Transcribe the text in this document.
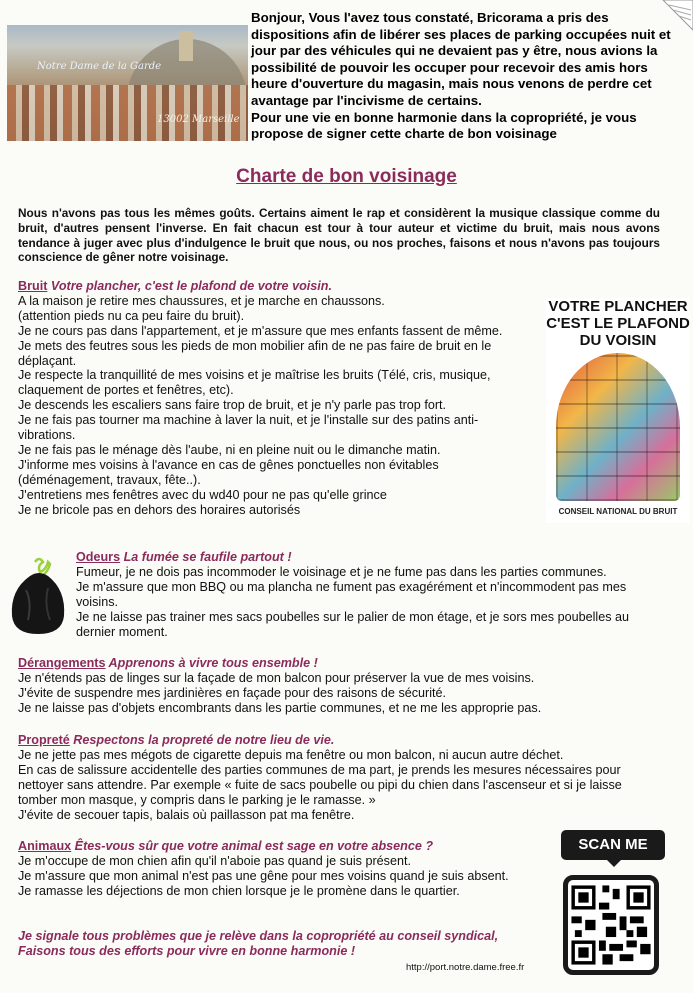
Notre Dame de la Garde
13002 Marseille
Bonjour, Vous l'avez tous constaté, Bricorama a pris des dispositions afin de libérer ses places de parking occupées nuit et jour par des véhicules qui ne devaient pas y être, nous avions la possibilité de pouvoir les occuper pour recevoir des amis hors heure d'ouverture du magasin, mais nous venons de perdre cet avantage par l'incivisme de certains.
Pour une vie en bonne harmonie dans la copropriété, je vous propose de signer cette charte de bon voisinage
Charte de bon voisinage
Nous n'avons pas tous les mêmes goûts. Certains aiment le rap et considèrent la musique classique comme du bruit, d'autres pensent l'inverse. En fait chacun est tour à tour auteur et victime du bruit, mais nous avons tendance à juger avec plus d'indulgence le bruit que nous, ou nos proches, faisons et nous n'avons pas toujours conscience de gêner notre voisinage.
Bruit Votre plancher, c'est le plafond de votre voisin.

A la maison je retire mes chaussures, et je marche en chaussons.

(attention pieds nu ca peu faire du bruit).

Je ne cours pas dans l'appartement, et je m'assure que mes enfants fassent de même.

Je mets des feutres sous les pieds de mon mobilier afin de ne pas faire de bruit en le déplaçant.

Je respecte la tranquillité de mes voisins et je maîtrise les bruits (Télé, cris, musique, claquement de portes et fenêtres, etc).

Je descends les escaliers sans faire trop de bruit, et je n'y parle pas trop fort.

Je ne fais pas tourner ma machine à laver la nuit, et je l'installe sur des patins anti-vibrations.

Je ne fais pas le ménage dès l'aube, ni en pleine nuit ou le dimanche matin.

J'informe mes voisins à l'avance en cas de gênes ponctuelles non évitables (déménagement, travaux, fête..).

J'entretiens mes fenêtres avec du wd40 pour ne pas qu'elle grince

Je ne bricole pas en dehors des horaires autorisés

VOTRE PLANCHER
C'EST LE PLAFOND
DU VOISIN
CONSEIL NATIONAL DU BRUIT
Odeurs La fumée se faufile partout !

Fumeur, je ne dois pas incommoder le voisinage et je ne fume pas dans les parties communes.

Je m'assure que mon BBQ ou ma plancha ne fument pas exagérément et n'incommodent pas mes voisins.

Je ne laisse pas trainer mes sacs poubelles sur le palier de mon étage, et je sors mes poubelles au dernier moment.

Dérangements Apprenons à vivre tous ensemble !

Je n'étends pas de linges sur la façade de mon balcon pour préserver la vue de mes voisins.

J'évite de suspendre mes jardinières en façade pour des raisons de sécurité.

Je ne laisse pas d'objets encombrants dans les partie communes, et ne me les approprie pas.

Propreté Respectons la propreté de notre lieu de vie.

Je ne jette pas mes mégots de cigarette depuis ma fenêtre ou mon balcon, ni aucun autre déchet.

En cas de salissure accidentelle des parties communes de ma part, je prends les mesures nécessaires pour nettoyer sans attendre. Par exemple « fuite de sacs poubelle ou pipi du chien dans l'ascenseur et si je laisse tomber mon masque, y compris dans le parking je le ramasse. »

J'évite de secouer tapis, balais où paillasson pat ma fenêtre.

Animaux Êtes-vous sûr que votre animal est sage en votre absence ?

Je m'occupe de mon chien afin qu'il n'aboie pas quand je suis présent.

Je m'assure que mon animal n'est pas une gêne pour mes voisins quand je suis absent.

Je ramasse les déjections de mon chien lorsque je le promène dans le quartier.

Je signale tous problèmes que je relève dans la copropriété au conseil syndical,
Faisons tous des efforts pour vivre en bonne harmonie !
SCAN ME
http://port.notre.dame.free.fr
